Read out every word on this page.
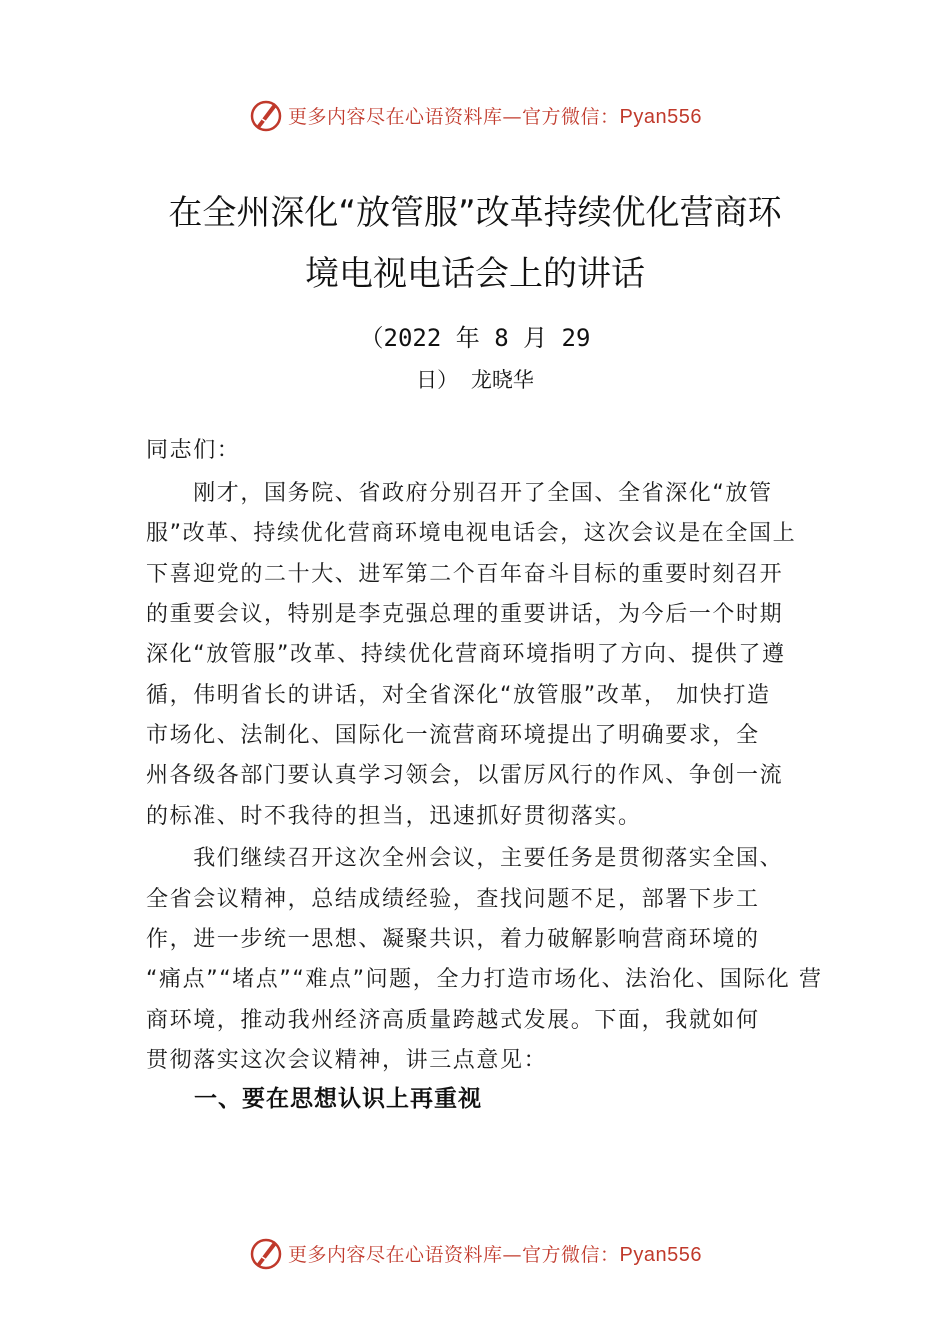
更多内容尽在心语资料库—官方微信：Pyan556
在全州深化“放管服”改革持续优化营商环
境电视电话会上的讲话
（2022 年 8 月 29
日） 龙晓华
同志们：
　　刚才，国务院、省政府分别召开了全国、全省深化“放管
服”改革、持续优化营商环境电视电话会，这次会议是在全国上
下喜迎党的二十大、进军第二个百年奋斗目标的重要时刻召开
的重要会议，特别是李克强总理的重要讲话，为今后一个时期
深化“放管服”改革、持续优化营商环境指明了方向、提供了遵
循，伟明省长的讲话，对全省深化“放管服”改革， 加快打造
市场化、法制化、国际化一流营商环境提出了明确要求，全
州各级各部门要认真学习领会，以雷厉风行的作风、争创一流
的标准、时不我待的担当，迅速抓好贯彻落实。
　　我们继续召开这次全州会议，主要任务是贯彻落实全国、
全省会议精神，总结成绩经验，查找问题不足，部署下步工
作，进一步统一思想、凝聚共识，着力破解影响营商环境的
“痛点”“堵点”“难点”问题，全力打造市场化、法治化、国际化 营
商环境，推动我州经济高质量跨越式发展。下面，我就如何
贯彻落实这次会议精神，讲三点意见：
一、要在思想认识上再重视
更多内容尽在心语资料库—官方微信：Pyan556
